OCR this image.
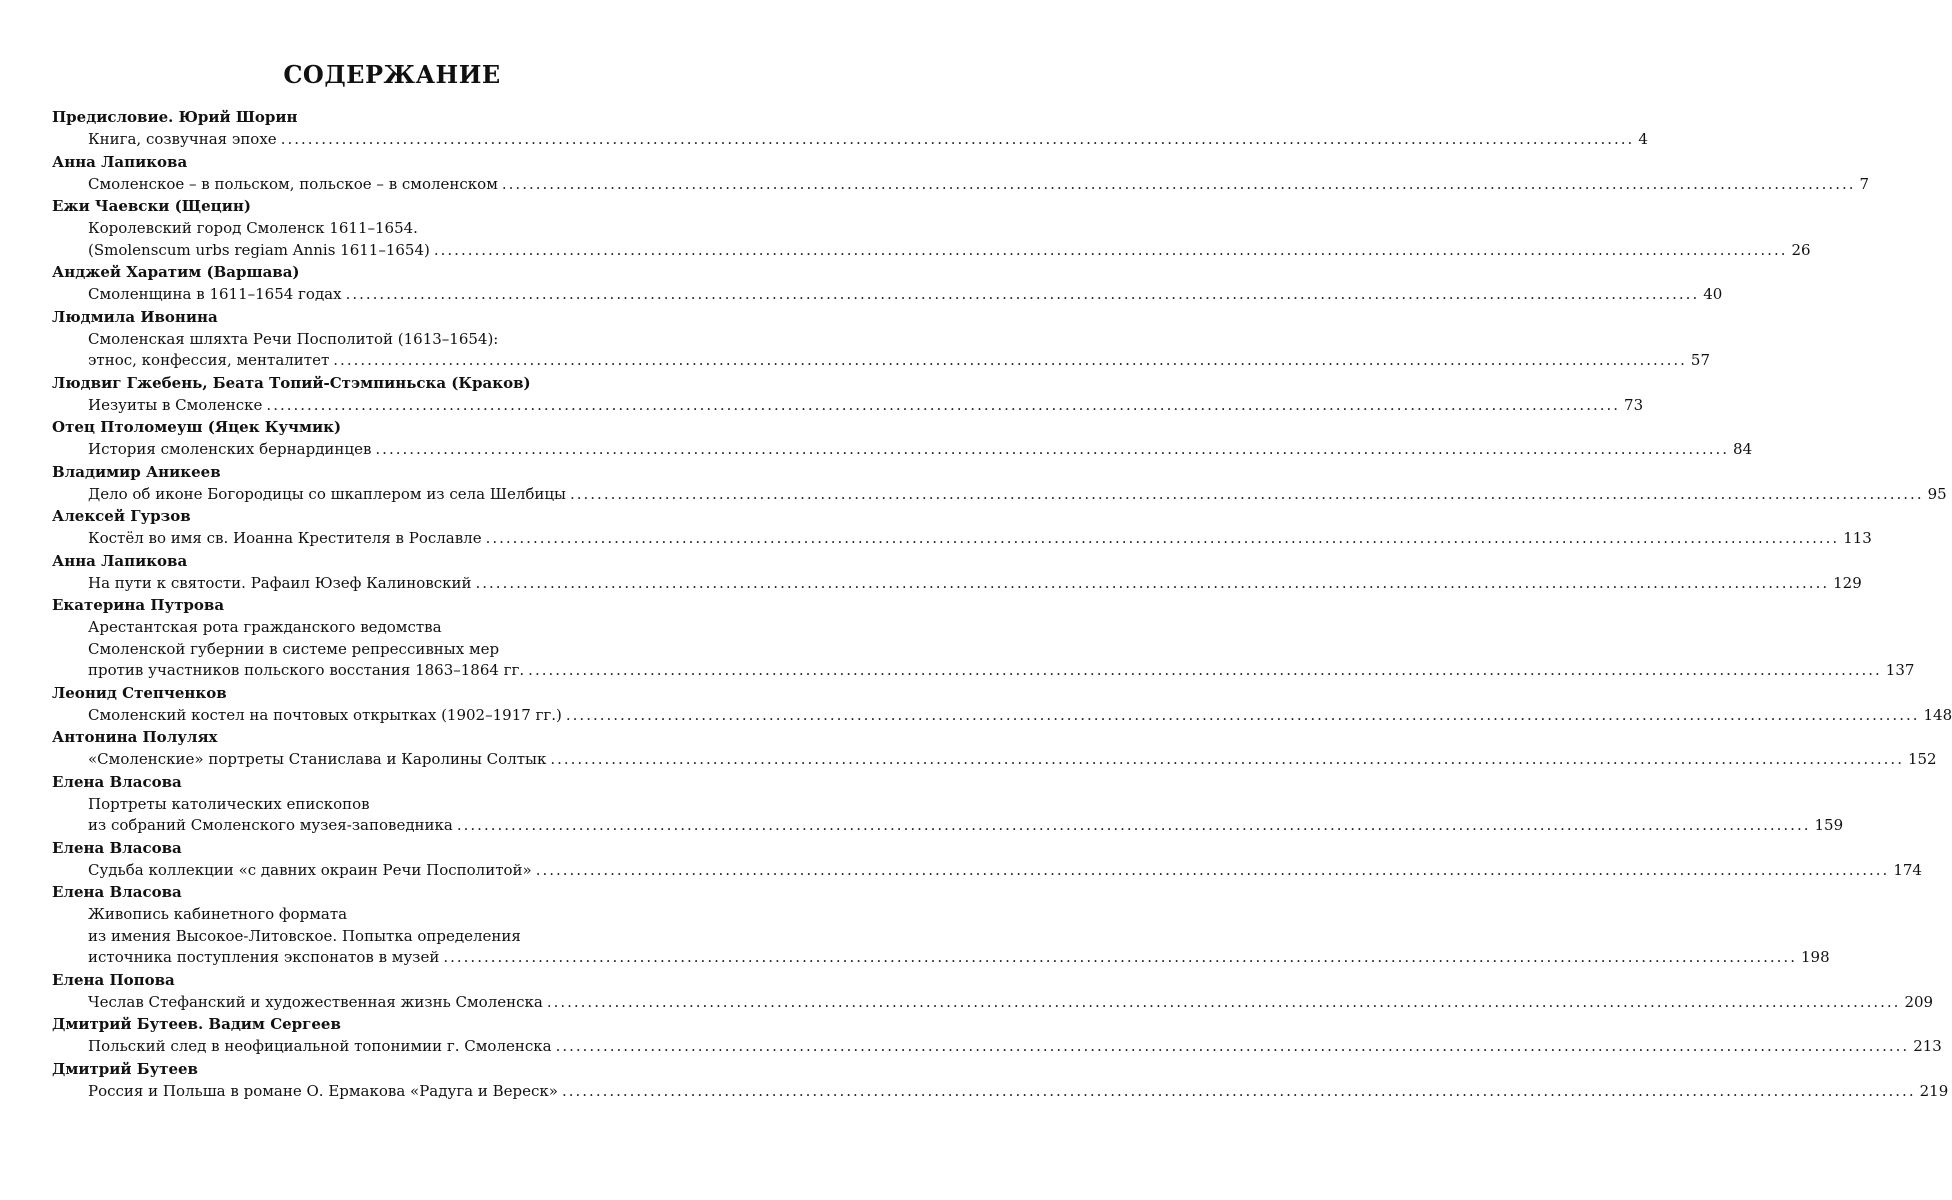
СОДЕРЖАНИЕ
Предисловие. Юрий Шорин
Книга, созвучная эпохе ........................................................................................................................................................................................................ 4
Анна Лапикова
Смоленское – в польском, польское – в смоленском ........................................................................................................................................................................................................ 7
Ежи Чаевски (Щецин)
Королевский город Смоленск 1611–1654.
(Smolenscum urbs regiam Annis 1611–1654) ........................................................................................................................................................................................................ 26
Анджей Харатим (Варшава)
Смоленщина в 1611–1654 годах ........................................................................................................................................................................................................ 40
Людмила Ивонина
Смоленская шляхта Речи Посполитой (1613–1654):
этнос, конфессия, менталитет ........................................................................................................................................................................................................ 57
Людвиг Гжебень, Беата Топий-Стэмпиньска (Краков)
Иезуиты в Смоленске ........................................................................................................................................................................................................ 73
Отец Птоломеуш (Яцек Кучмик)
История смоленских бернардинцев ........................................................................................................................................................................................................ 84
Владимир Аникеев
Дело об иконе Богородицы со шкаплером из села Шелбицы ........................................................................................................................................................................................................ 95
Алексей Гурзов
Костёл во имя св. Иоанна Крестителя в Рославле ........................................................................................................................................................................................................ 113
Анна Лапикова
На пути к святости. Рафаил Юзеф Калиновский ........................................................................................................................................................................................................ 129
Екатерина Путрова
Арестантская рота гражданского ведомства
Смоленской губернии в системе репрессивных мер
против участников польского восстания 1863–1864 гг. ........................................................................................................................................................................................................ 137
Леонид Степченков
Смоленский костел на почтовых открытках (1902–1917 гг.) ........................................................................................................................................................................................................ 148
Антонина Полулях
«Смоленские» портреты Станислава и Каролины Солтык ........................................................................................................................................................................................................ 152
Елена Власова
Портреты католических епископов
из собраний Смоленского музея-заповедника ........................................................................................................................................................................................................ 159
Елена Власова
Судьба коллекции «с давних окраин Речи Посполитой» ........................................................................................................................................................................................................ 174
Елена Власова
Живопись кабинетного формата
из имения Высокое-Литовское. Попытка определения
источника поступления экспонатов в музей ........................................................................................................................................................................................................ 198
Елена Попова
Чеслав Стефанский и художественная жизнь Смоленска ........................................................................................................................................................................................................ 209
Дмитрий Бутеев. Вадим Сергеев
Польский след в неофициальной топонимии г. Смоленска ........................................................................................................................................................................................................ 213
Дмитрий Бутеев
Россия и Польша в романе О. Ермакова «Радуга и Вереск» ........................................................................................................................................................................................................ 219
